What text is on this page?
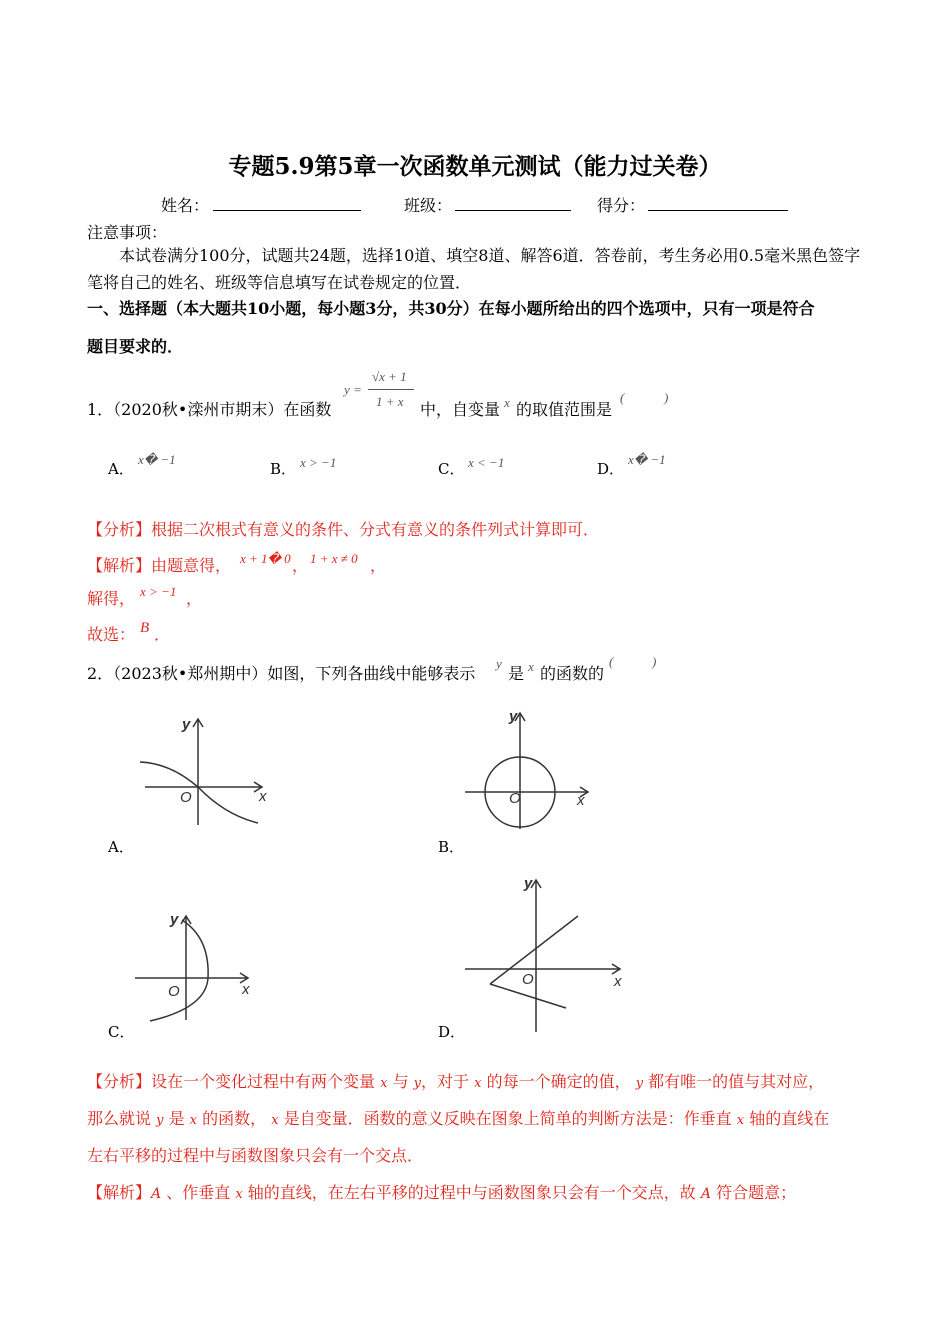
专题5.9第5章一次函数单元测试（能力过关卷）
姓名：	班级：	得分：
注意事项：
本试卷满分100分，试题共24题，选择10道、填空8道、解答6道．答卷前，考生务必用0.5毫米黑色签字笔将自己的姓名、班级等信息填写在试卷规定的位置．
一、选择题（本大题共10小题，每小题3分，共30分）在每小题所给出的四个选项中，只有一项是符合
题目要求的．
1．（2020秋•滦州市期末）在函数
y =
√x + 1
1 + x 中，自变量 x 的取值范围是
(	)
A．
x� −1
B． x > −1	C． x < −1	D．
x� −1
【分析】根据二次根式有意义的条件、分式有意义的条件列式计算即可．
【解析】由题意得， x + 1� 0 ， 1 + x ≠ 0 ，
解得， x > −1 ，
故选： B ．
2．（2023秋•郑州期中）如图，下列各曲线中能够表示
y
是 x 的函数的
(	)
y
x
O
A．
y
x
O
B．
y
x
O
C．
y
x
O
D．
【分析】设在一个变化过程中有两个变量 x 与 y，对于 x 的每一个确定的值， y 都有唯一的值与其对应，
那么就说 y 是 x 的函数， x 是自变量．函数的意义反映在图象上简单的判断方法是：作垂直 x 轴的直线在
左右平移的过程中与函数图象只会有一个交点．
【解析】A 、作垂直 x 轴的直线，在左右平移的过程中与函数图象只会有一个交点，故 A 符合题意；
